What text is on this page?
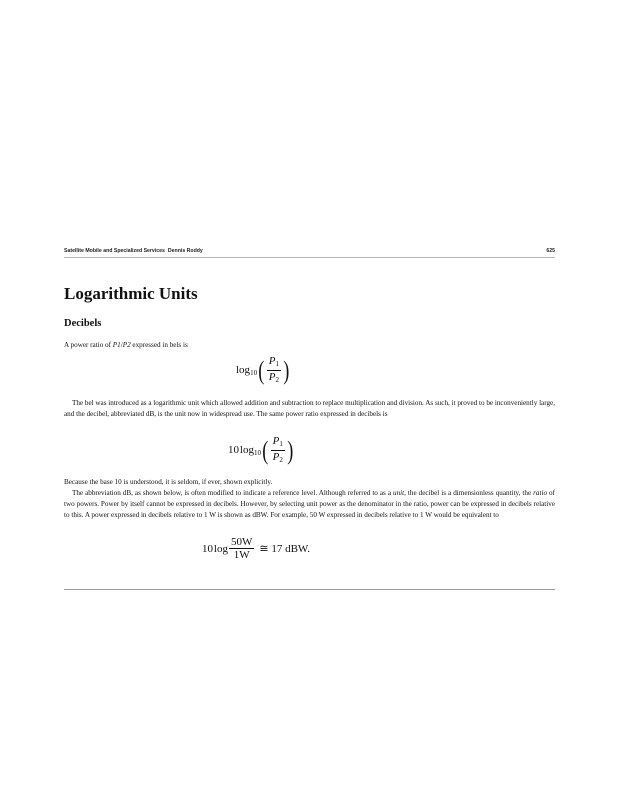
Satellite Mobile and Specialized Services Dennis Roddy	625
Logarithmic Units
Decibels

A power ratio of P1/P2 expressed in bels is

$\log_{10}$ ( $\frac{P_1}{P_2}$ )

The bel was introduced as a logarithmic unit which allowed addition and subtraction to replace multiplication and division. As such, it proved to be inconveniently large, and the decibel, abbreviated dB, is the unit now in widespread use. The same power ratio expressed in decibels is

10 $\log_{10}$ ( $\frac{P_1}{P_2}$ )

Because the base 10 is understood, it is seldom, if ever, shown explicitly.

The abbreviation dB, as shown below, is often modified to indicate a reference level. Although referred to as a unit, the decibel is a dimensionless quantity, the ratio of two powers. Power by itself cannot be expressed in decibels. However, by selecting unit power as the denominator in the ratio, power can be expressed in decibels relative to this. A power expressed in decibels relative to 1 W is shown as dBW. For example, 50 W expressed in decibels relative to 1 W would be equivalent to

10 $\log \frac{50W}{1W}$ ≅ 17 dBW.
